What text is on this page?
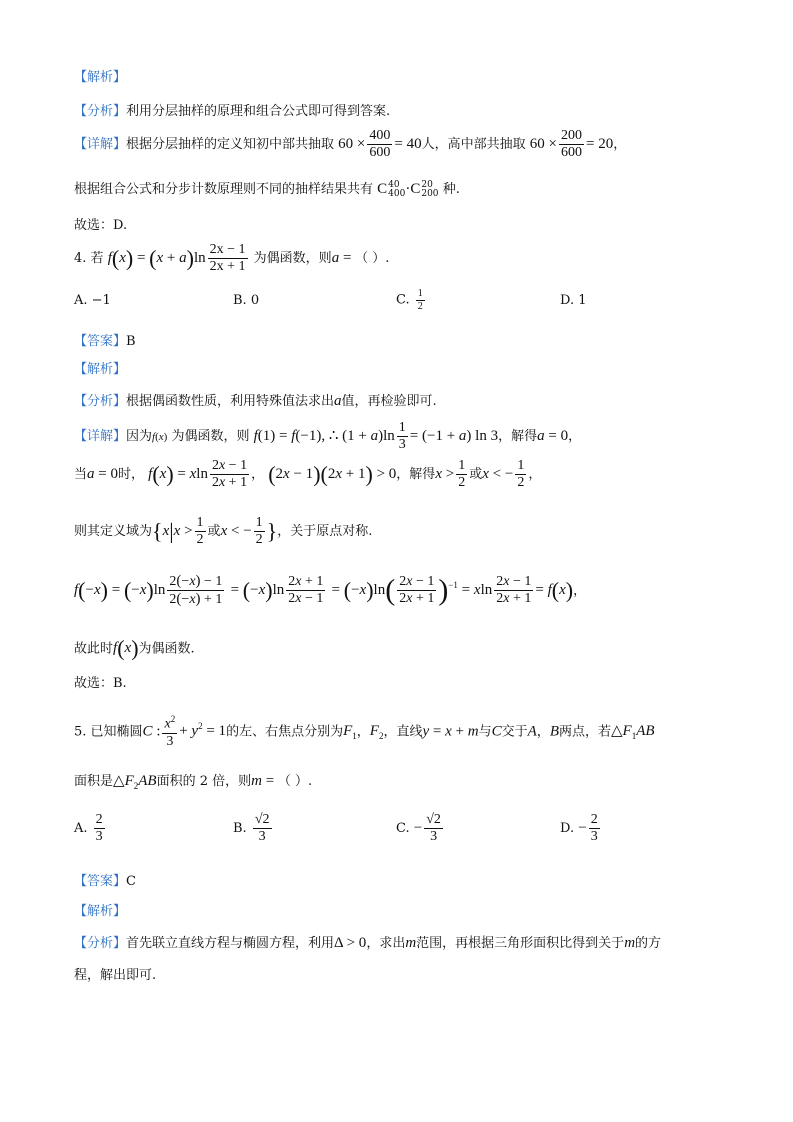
【解析】
【分析】利用分层抽样的原理和组合公式即可得到答案.
【详解】根据分层抽样的定义知初中部共抽取 $60 \times \frac{400}{600} = 40$人，高中部共抽取 $60 \times \frac{200}{600} = 20$，
根据组合公式和分步计数原理则不同的抽样结果共有 C 40
400 ·C 20
200 种.
故选：D.
4. 若 $f(x) = (x + a)\ln \frac{2x - 1}{2x + 1}$ 为偶函数，则a = （ ）.
A. −1	B. 0	C. $\frac{1}{2}$	D. 1
【答案】B
【解析】
【分析】根据偶函数性质，利用特殊值法求出a值，再检验即可.
【详解】因为f(x) 为偶函数，则 f(1) = f(−1), ∴ $(1 + a)\ln \frac{1}{3} = (-1 + a)$ ln 3，解得a = 0，
当a = 0时， f(x) = xln $\frac{2x - 1}{2x + 1}$ ， (2x − 1)(2x + 1) > 0，解得$x > \frac{1}{2}$ 或x < − $\frac{1}{2}$ ，
则其定义域为{$x|x > \frac{1}{2}$ 或x < − $\frac{1}{2}$ }，关于原点对称.
$f(-x) = (-x)\ln \frac{2(-x) - 1}{2(-x) + 1} = (-x)\ln \frac{2x + 1}{2x - 1} = (-x)\ln( \frac{2x - 1}{2x + 1} )^{-1} = xln \frac{2x - 1}{2x + 1} = f(x)$，
故此时f(x)为偶函数.
故选：B.
5. 已知椭圆C : $\frac{x^2}{3} + y^2 = 1$的左、右焦点分别为$F_1$，$F_2$，直线y = x + m与C交于A，B两点，若$\triangle F_1AB$
面积是$\triangle F_2AB$面积的 2 倍，则m = （ ）.
A. $\frac{2}{3}$	B. $\frac{√2}{3}$	C. − $\frac{√2}{3}$	D. − $\frac{2}{3}$
【答案】C
【解析】
【分析】首先联立直线方程与椭圆方程，利用Δ > 0，求出m范围，再根据三角形面积比得到关于m的方
程，解出即可.
